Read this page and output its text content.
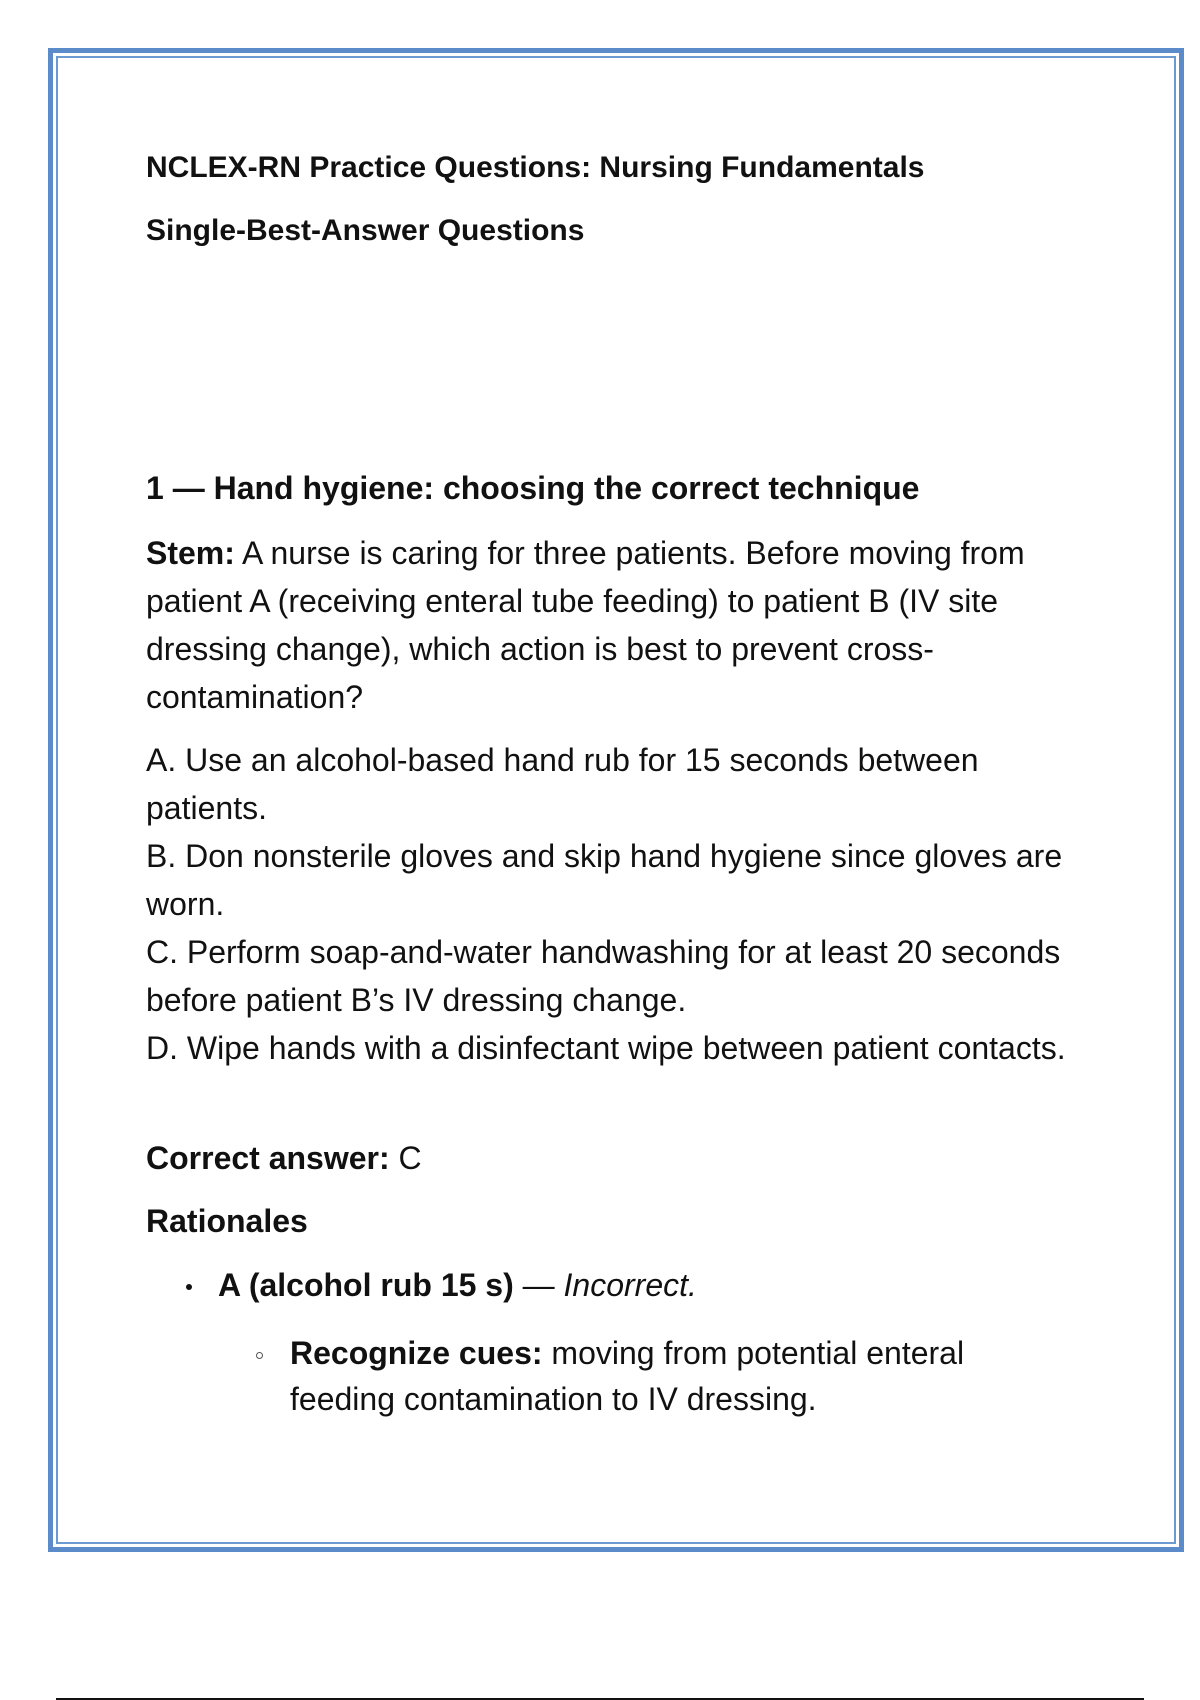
NCLEX-RN Practice Questions: Nursing Fundamentals
Single-Best-Answer Questions
1 — Hand hygiene: choosing the correct technique

Stem: A nurse is caring for three patients. Before moving from patient A (receiving enteral tube feeding) to patient B (IV site dressing change), which action is best to prevent cross-contamination?

A. Use an alcohol-based hand rub for 15 seconds between patients.
B. Don nonsterile gloves and skip hand hygiene since gloves are worn.
C. Perform soap-and-water handwashing for at least 20 seconds before patient B’s IV dressing change.
D. Wipe hands with a disinfectant wipe between patient contacts.

Correct answer: C

Rationales
A (alcohol rub 15 s) — Incorrect.
Recognize cues: moving from potential enteral feeding contamination to IV dressing.
